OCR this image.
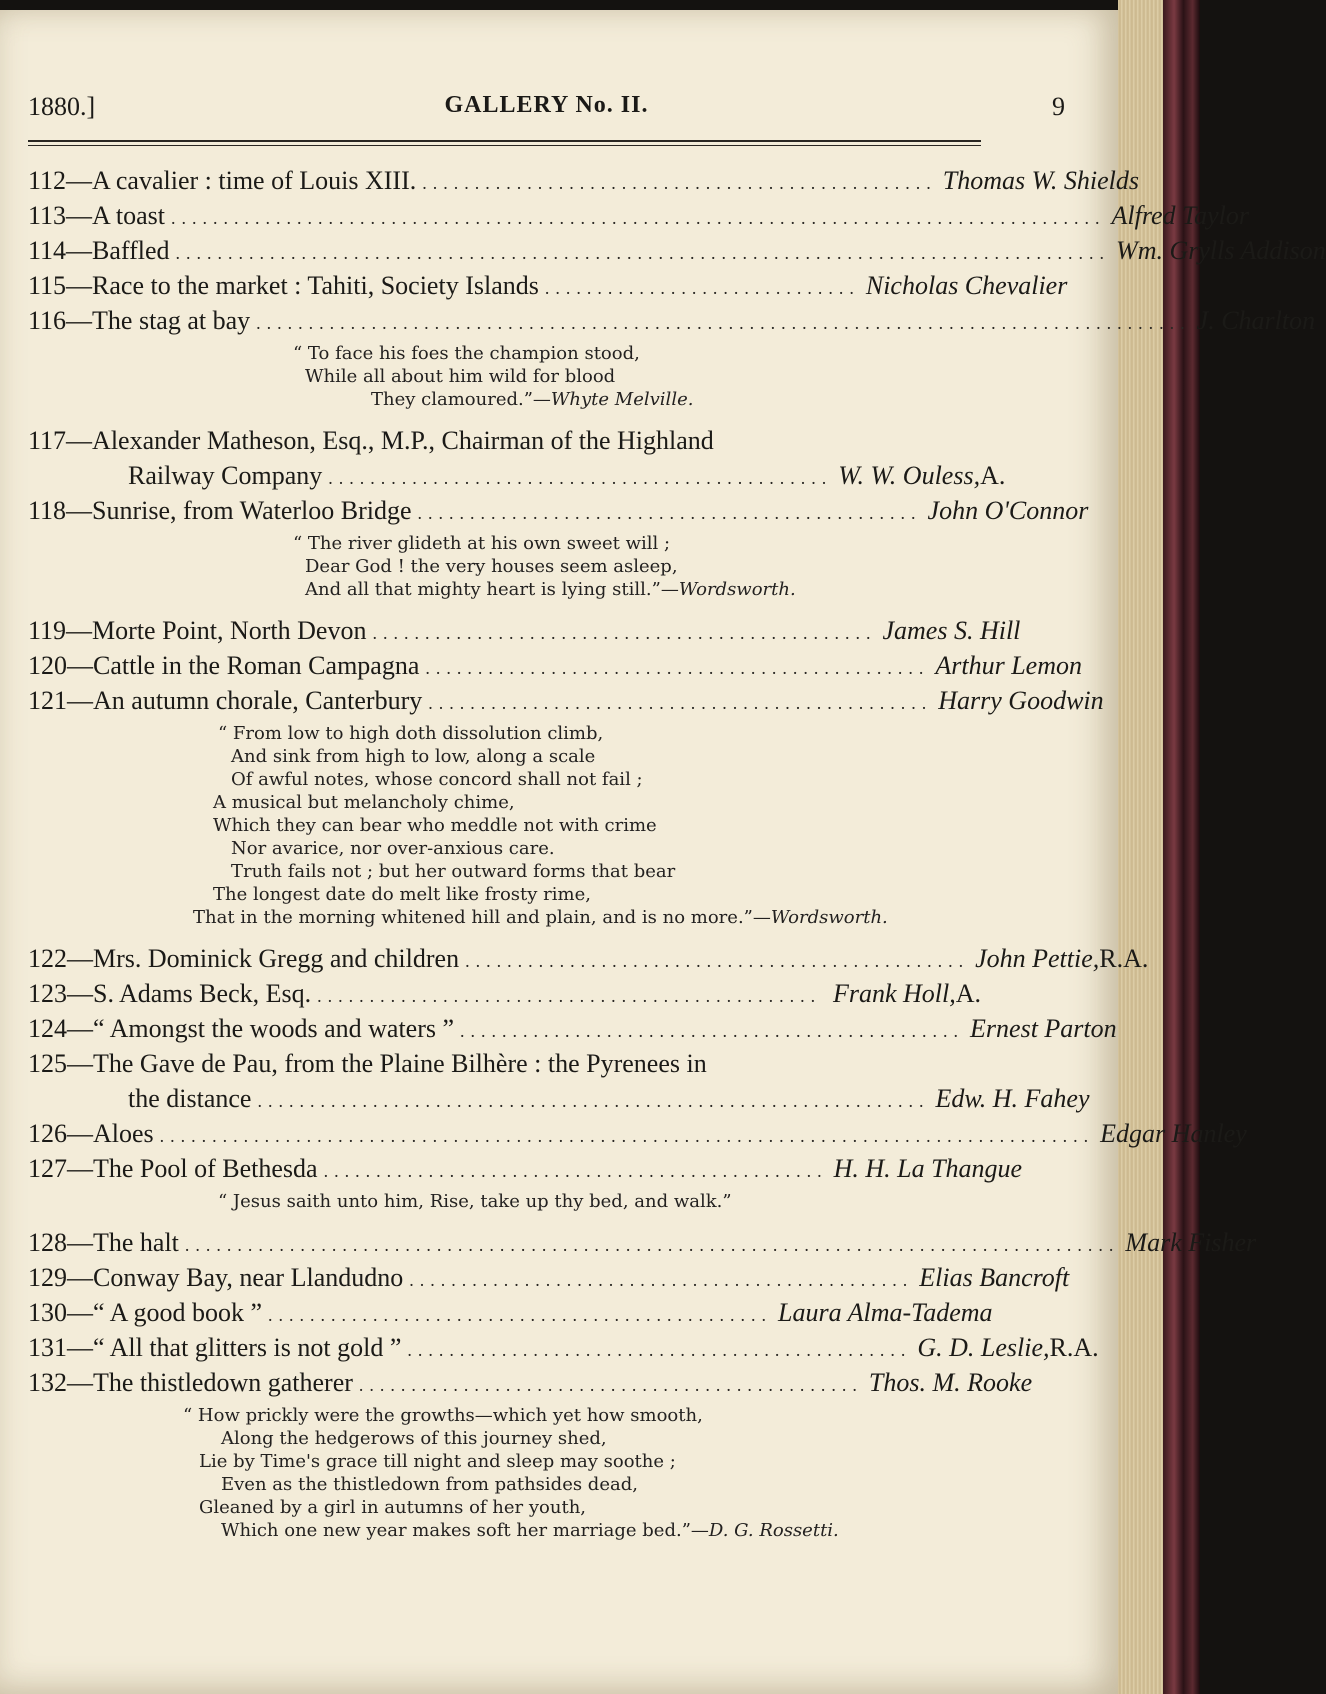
1880.]	GALLERY No. II.	9
112— A cavalier : time of Louis XIII. ................................................. Thomas W. Shields
113— A toast ......................................................................................... Alfred Taylor
114— Baffled ......................................................................................... Wm. Grylls Addison
115— Race to the market : Tahiti, Society Islands .............................. Nicholas Chevalier
116— The stag at bay ......................................................................................... J. Charlton
“ To face his foes the champion stood,
While all about him wild for blood
They clamoured.”—Whyte Melville.
117— Alexander Matheson, Esq., M.P., Chairman of the Highland
Railway Company ................................................ W. W. Ouless, A.
118— Sunrise, from Waterloo Bridge ................................................ John O'Connor
“ The river glideth at his own sweet will ;
Dear God ! the very houses seem asleep,
And all that mighty heart is lying still.”—Wordsworth.
119— Morte Point, North Devon ................................................ James S. Hill
120— Cattle in the Roman Campagna ................................................ Arthur Lemon
121— An autumn chorale, Canterbury ................................................ Harry Goodwin
“ From low to high doth dissolution climb,
And sink from high to low, along a scale
Of awful notes, whose concord shall not fail ;
A musical but melancholy chime,
Which they can bear who meddle not with crime
Nor avarice, nor over-anxious care.
Truth fails not ; but her outward forms that bear
The longest date do melt like frosty rime,
That in the morning whitened hill and plain, and is no more.”—Wordsworth.
122— Mrs. Dominick Gregg and children ................................................ John Pettie, R.A.
123— S. Adams Beck, Esq. ................................................ Frank Holl, A.
124— “ Amongst the woods and waters ” ................................................ Ernest Parton
125— The Gave de Pau, from the Plaine Bilhère : the Pyrenees in
the distance ................................................................ Edw. H. Fahey
126— Aloes ......................................................................................... Edgar Hanley
127— The Pool of Bethesda ................................................ H. H. La Thangue
“ Jesus saith unto him, Rise, take up thy bed, and walk.”
128— The halt ......................................................................................... Mark Fisher
129— Conway Bay, near Llandudno ................................................ Elias Bancroft
130— “ A good book ” ................................................ Laura Alma-Tadema
131— “ All that glitters is not gold ” ................................................ G. D. Leslie, R.A.
132— The thistledown gatherer ................................................ Thos. M. Rooke
“ How prickly were the growths—which yet how smooth,
Along the hedgerows of this journey shed,
Lie by Time's grace till night and sleep may soothe ;
Even as the thistledown from pathsides dead,
Gleaned by a girl in autumns of her youth,
Which one new year makes soft her marriage bed.”—D. G. Rossetti.
